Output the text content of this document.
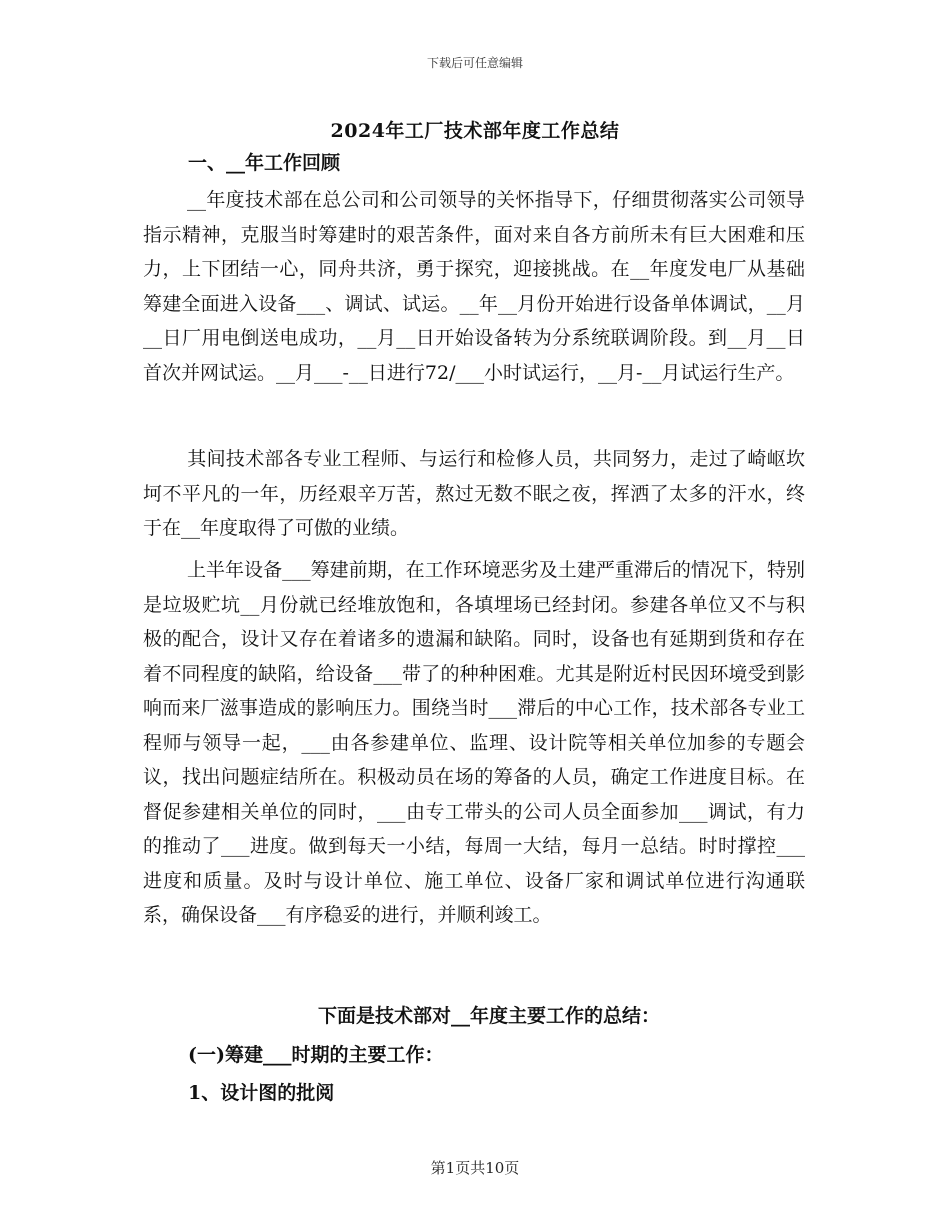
下载后可任意编辑
2024年工厂技术部年度工作总结
一、__年工作回顾
__年度技术部在总公司和公司领导的关怀指导下，仔细贯彻落实公司领导指示精神，克服当时筹建时的艰苦条件，面对来自各方前所未有巨大困难和压力，上下团结一心，同舟共济，勇于探究，迎接挑战。在__年度发电厂从基础筹建全面进入设备___、调试、试运。__年__月份开始进行设备单体调试，__月__日厂用电倒送电成功，__月__日开始设备转为分系统联调阶段。到__月__日首次并网试运。__月___-__日进行72/___小时试运行，__月-__月试运行生产。
其间技术部各专业工程师、与运行和检修人员，共同努力，走过了崎岖坎坷不平凡的一年，历经艰辛万苦，熬过无数不眠之夜，挥洒了太多的汗水，终于在__年度取得了可傲的业绩。
上半年设备___筹建前期，在工作环境恶劣及土建严重滞后的情况下，特别是垃圾贮坑__月份就已经堆放饱和，各填埋场已经封闭。参建各单位又不与积极的配合，设计又存在着诸多的遗漏和缺陷。同时，设备也有延期到货和存在着不同程度的缺陷，给设备___带了的种种困难。尤其是附近村民因环境受到影响而来厂滋事造成的影响压力。围绕当时___滞后的中心工作，技术部各专业工程师与领导一起，___由各参建单位、监理、设计院等相关单位加参的专题会议，找出问题症结所在。积极动员在场的筹备的人员，确定工作进度目标。在督促参建相关单位的同时，___由专工带头的公司人员全面参加___调试，有力的推动了___进度。做到每天一小结，每周一大结，每月一总结。时时撑控___进度和质量。及时与设计单位、施工单位、设备厂家和调试单位进行沟通联系，确保设备___有序稳妥的进行，并顺利竣工。
下面是技术部对__年度主要工作的总结：
(一)筹建___时期的主要工作：
1、设计图的批阅
第1页共10页
